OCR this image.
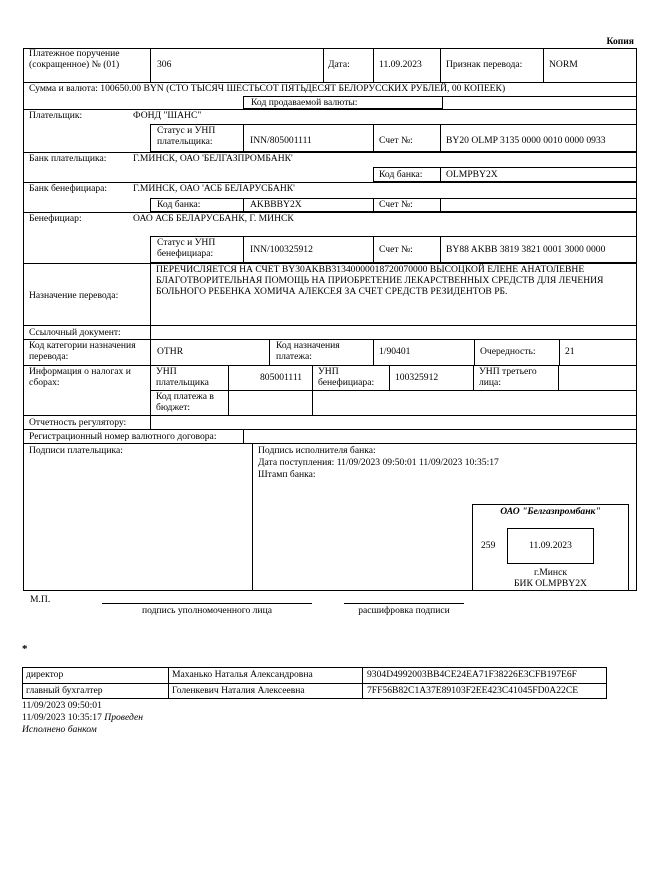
Копия
Платежное поручение (сокращенное) № (01)	306	Дата:	11.09.2023	Признак перевода:	NORM
Сумма и валюта: 100650.00 BYN (СТО ТЫСЯЧ ШЕСТЬСОТ ПЯТЬДЕСЯТ БЕЛОРУССКИХ РУБЛЕЙ, 00 КОПЕЕК)
Код продаваемой валюты:
Плательщик:	ФОНД "ШАНС"
Статус и УНП плательщика:	INN/805001111	Счет №:	BY20 OLMP 3135 0000 0010 0000 0933
Банк плательщика:	Г.МИНСК, ОАО 'БЕЛГАЗПРОМБАНК'
Код банка: OLMPBY2X
Банк бенефициара:	Г.МИНСК, ОАО 'АСБ БЕЛАРУСБАНК'
Код банка:	AKBBBY2X	Счет №:
Бенефициар:	ОАО АСБ БЕЛАРУСБАНК, Г. МИНСК
Статус и УНП бенефициара:	INN/100325912	Счет №:	BY88 AKBB 3819 3821 0001 3000 0000
Назначение перевода:
ПЕРЕЧИСЛЯЕТСЯ НА СЧЕТ BY30AKBB31340000018720070000 ВЫСОЦКОЙ ЕЛЕНЕ АНАТОЛЕВНЕ БЛАГОТВОРИТЕЛЬНАЯ ПОМОЩЬ НА ПРИОБРЕТЕНИЕ ЛЕКАРСТВЕННЫХ СРЕДСТВ ДЛЯ ЛЕЧЕНИЯ БОЛЬНОГО РЕБЕНКА ХОМИЧА АЛЕКСЕЯ ЗА СЧЕТ СРЕДСТВ РЕЗИДЕНТОВ РБ.
Ссылочный документ:
Код категории назначения перевода:	OTHR
Код назначения платежа:	1/90401	Очередность:	21
Информация о налогах и сборах:
УНП плательщика	805001111
УНП бенефициара:	100325912
УНП третьего лица:
Код платежа в бюджет:
Отчетность регулятору:
Регистрационный номер валютного договора:
Подписи плательщика:	Подпись исполнителя банка:
Дата поступления: 11/09/2023 09:50:01 11/09/2023 10:35:17
Штамп банка:
ОАО "Белгазпромбанк"
259	11.09.2023
г.Минск
БИК OLMPBY2X
М.П.
подпись уполномоченного лица	расшифровка подписи
*
директор	Маханько Наталья Александровна	9304D4992003BB4CE24EA71F38226E3CFB197E6F
главный бухгалтер	Голенкевич Наталия Алексеевна	7FF56B82C1A37E89103F2EE423C41045FD0A22CE
11/09/2023 09:50:01
11/09/2023 10:35:17 Проведен
Исполнено банком
